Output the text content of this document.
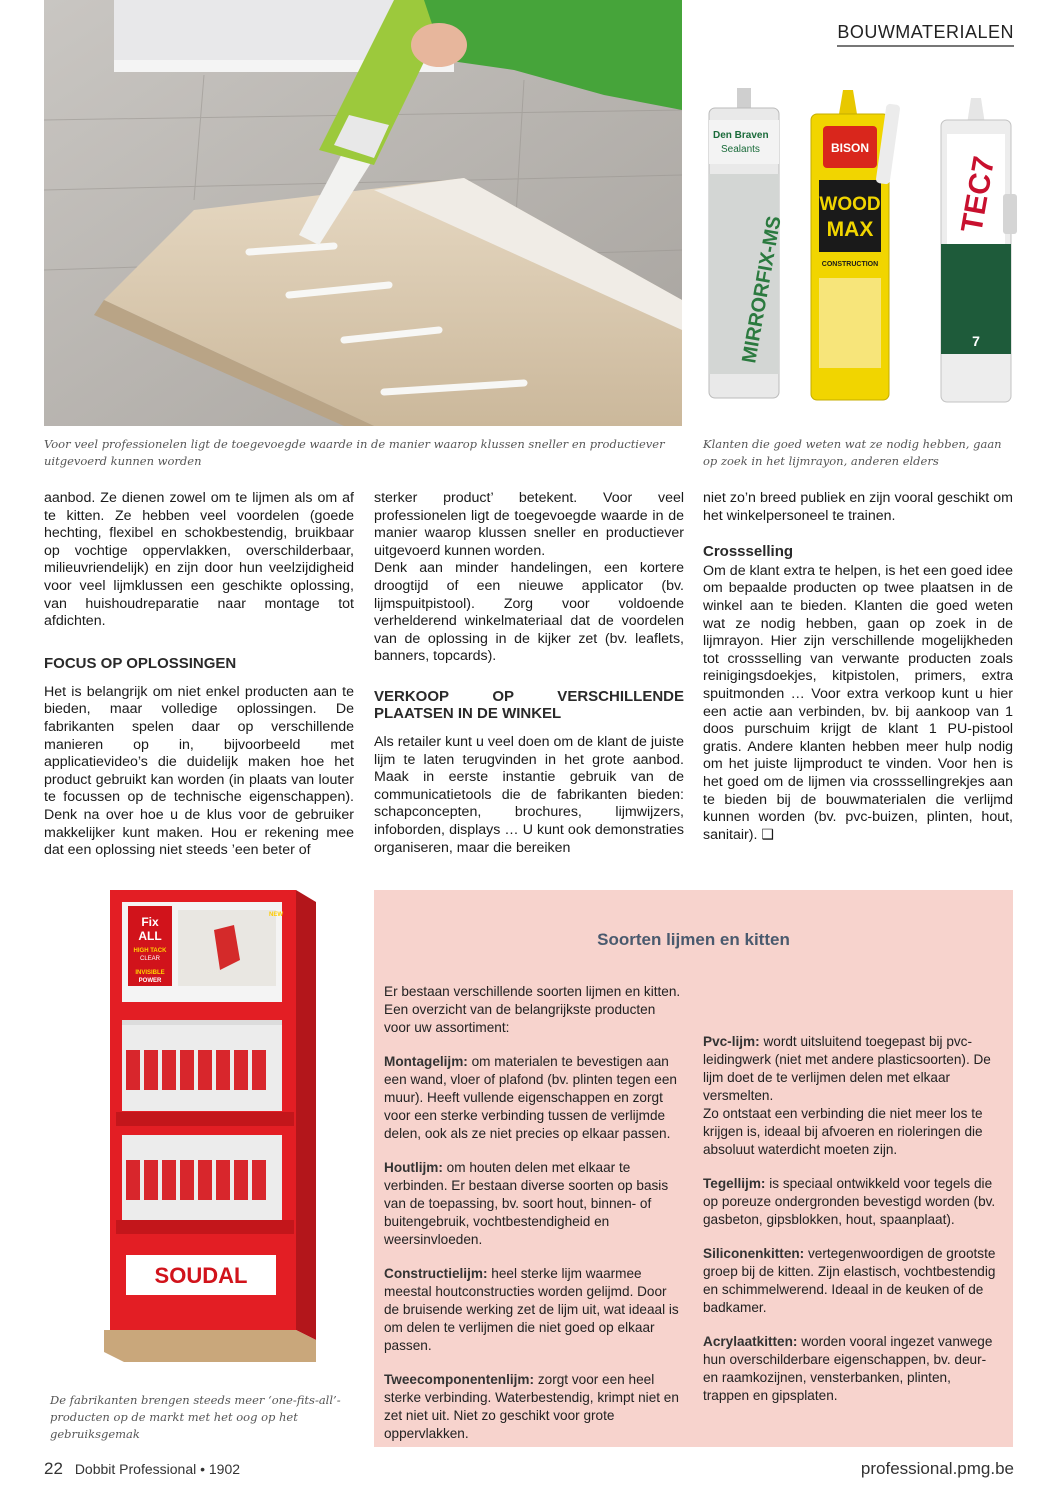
BOUWMATERIALEN
Den Braven
Sealants
MIRRORFIX-MS
BISON
WOOD
MAX
CONSTRUCTION
TEC7
7
Voor veel professionelen ligt de toegevoegde waarde in de manier waarop klussen sneller en productiever uitgevoerd kunnen worden
Klanten die goed weten wat ze nodig hebben, gaan op zoek in het lijmrayon, anderen elders

aanbod. Ze dienen zowel om te lijmen als om af te kitten. Ze hebben veel voordelen (goede hechting, flexibel en schokbestendig, bruikbaar op vochtige oppervlakken, overschilderbaar, milieuvriendelijk) en zijn door hun veelzijdigheid voor veel lijmklussen een geschikte oplossing, van huishoudreparatie naar montage tot afdichten.

FOCUS OP OPLOSSINGEN

Het is belangrijk om niet enkel producten aan te bieden, maar volledige oplossingen. De fabrikanten spelen daar op verschillende manieren op in, bijvoorbeeld met applicatievideo’s die duidelijk maken hoe het product gebruikt kan worden (in plaats van louter te focussen op de technische eigenschappen). Denk na over hoe u de klus voor de gebruiker makkelijker kunt maken. Hou er rekening mee dat een oplossing niet steeds ’een beter of

sterker product’ betekent. Voor veel professionelen ligt de toegevoegde waarde in de manier waarop klussen sneller en productiever uitgevoerd kunnen worden.

Denk aan minder handelingen, een kortere droogtijd of een nieuwe applicator (bv. lijmspuitpistool). Zorg voor voldoende verhelderend winkelmateriaal dat de voordelen van de oplossing in de kijker zet (bv. leaflets, banners, topcards).

VERKOOP OP VERSCHILLENDE PLAATSEN IN DE WINKEL

Als retailer kunt u veel doen om de klant de juiste lijm te laten terugvinden in het grote aanbod. Maak in eerste instantie gebruik van de communicatietools die de fabrikanten bieden: schapconcepten, brochures, lijmwijzers, infoborden, displays … U kunt ook demonstraties organiseren, maar die bereiken

niet zo’n breed publiek en zijn vooral geschikt om het winkelpersoneel te trainen.

Crossselling

Om de klant extra te helpen, is het een goed idee om bepaalde producten op twee plaatsen in de winkel aan te bieden. Klanten die goed weten wat ze nodig hebben, gaan op zoek in de lijmrayon. Hier zijn verschillende mogelijkheden tot crossselling van verwante producten zoals reinigingsdoekjes, kitpistolen, primers, extra spuitmonden … Voor extra verkoop kunt u hier een actie aan verbinden, bv. bij aankoop van 1 doos purschuim krijgt de klant 1 PU-pistool gratis. Andere klanten hebben meer hulp nodig om het juiste lijmproduct te vinden. Voor hen is het goed om de lijmen via crosssellingrekjes aan te bieden bij de bouwmaterialen die verlijmd kunnen worden (bv. pvc-buizen, plinten, hout, sanitair). ❑

Fix
ALL
HIGH TACK
CLEAR
INVISIBLE
POWER
NEW
SOUDAL
De fabrikanten brengen steeds meer ‘one-fits-all’-producten op de markt met het oog op het gebruiksgemak
Soorten lijmen en kitten

Er bestaan verschillende soorten lijmen en kitten. Een overzicht van de belangrijkste producten voor uw assortiment:

Montagelijm: om materialen te bevestigen aan een wand, vloer of plafond (bv. plinten tegen een muur). Heeft vullende eigenschappen en zorgt voor een sterke verbinding tussen de verlijmde delen, ook als ze niet precies op elkaar passen.

Houtlijm: om houten delen met elkaar te verbinden. Er bestaan diverse soorten op basis van de toepassing, bv. soort hout, binnen- of buitengebruik, vochtbestendigheid en weersinvloeden.

Constructielijm: heel sterke lijm waarmee meestal houtconstructies worden gelijmd. Door de bruisende werking zet de lijm uit, wat ideaal is om delen te verlijmen die niet goed op elkaar passen.

Tweecomponentenlijm: zorgt voor een heel sterke verbinding. Waterbestendig, krimpt niet en zet niet uit. Niet zo geschikt voor grote oppervlakken.

Pvc-lijm: wordt uitsluitend toegepast bij pvc-leidingwerk (niet met andere plasticsoorten). De lijm doet de te verlijmen delen met elkaar versmelten.

Zo ontstaat een verbinding die niet meer los te krijgen is, ideaal bij afvoeren en rioleringen die absoluut waterdicht moeten zijn.

Tegellijm: is speciaal ontwikkeld voor tegels die op poreuze ondergronden bevestigd worden (bv. gasbeton, gipsblokken, hout, spaanplaat).

Siliconenkitten: vertegenwoordigen de grootste groep bij de kitten. Zijn elastisch, vochtbestendig en schimmelwerend. Ideaal in de keuken of de badkamer.

Acrylaatkitten: worden vooral ingezet vanwege hun overschilderbare eigenschappen, bv. deur- en raamkozijnen, vensterbanken, plinten, trappen en gipsplaten.

22 Dobbit Professional • 1902	professional.pmg.be
